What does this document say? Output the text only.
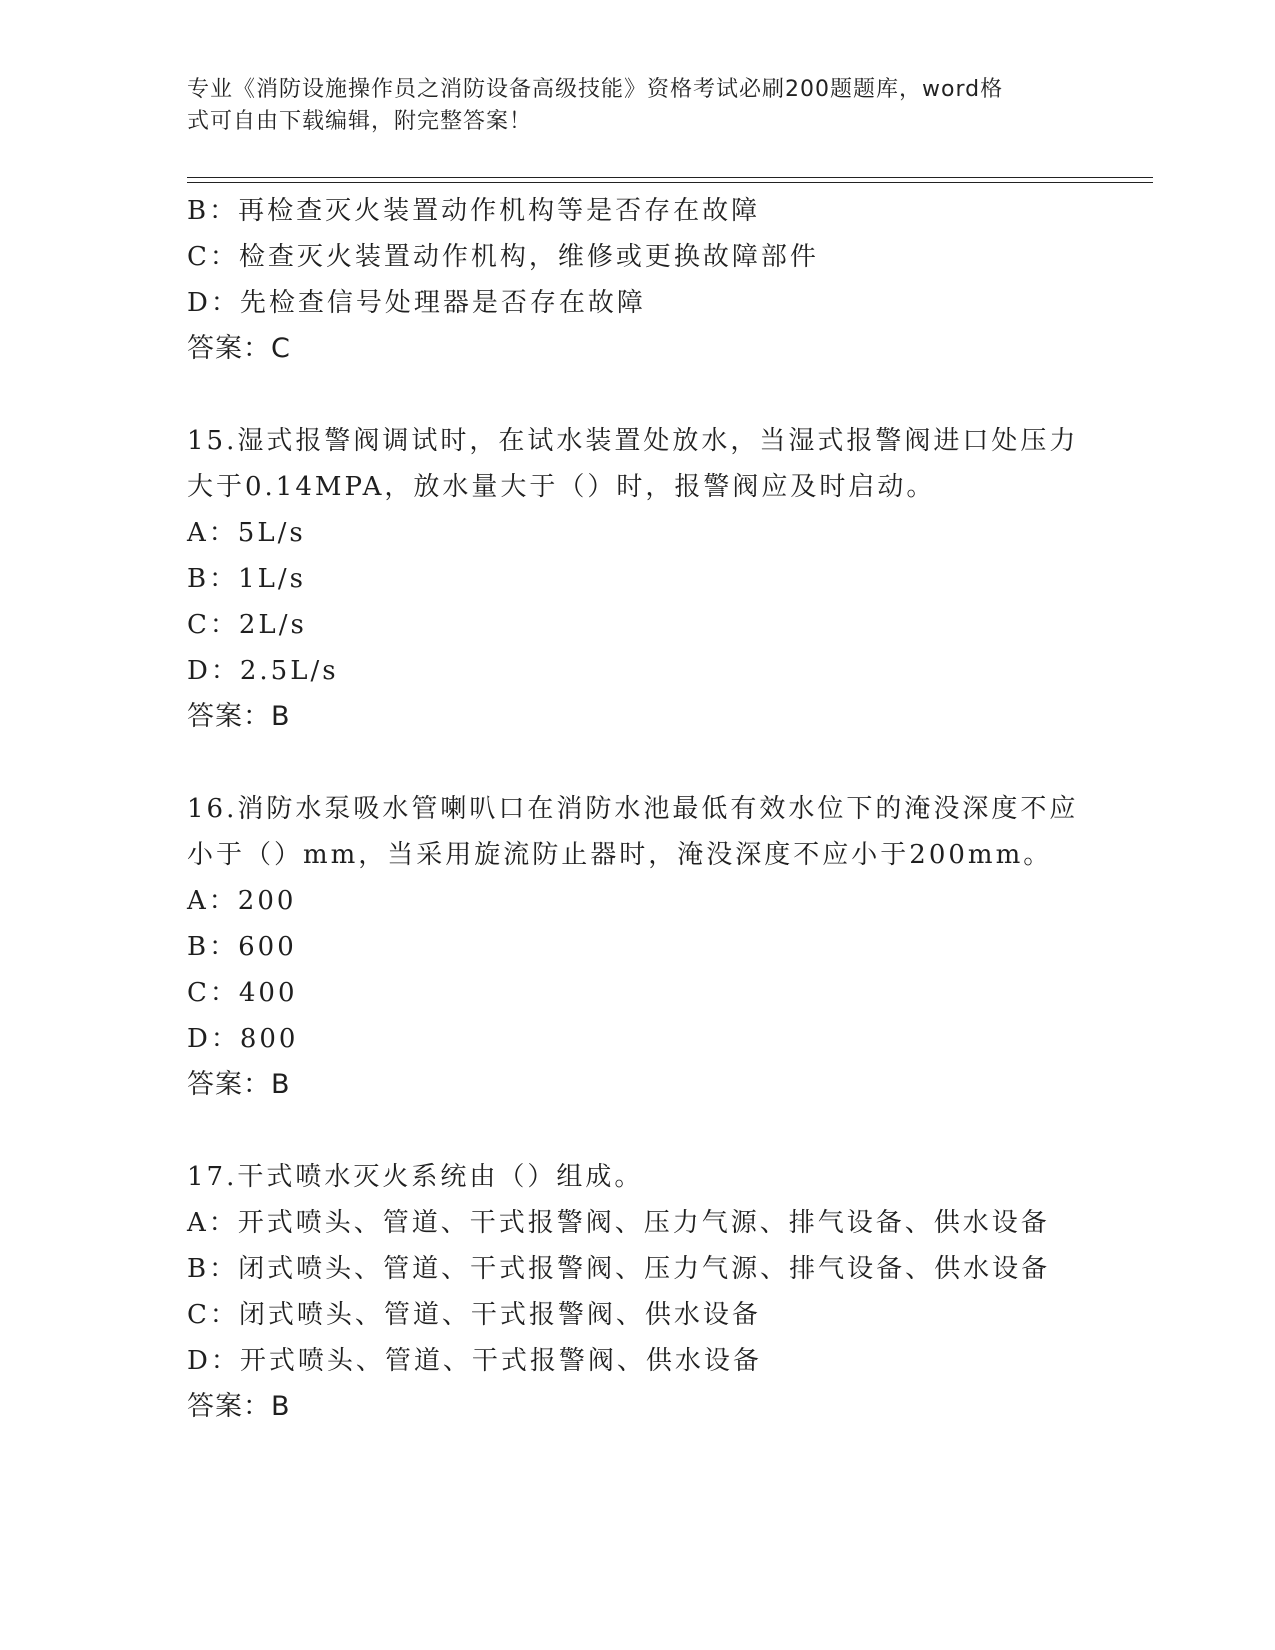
专业《消防设施操作员之消防设备高级技能》资格考试必刷200题题库，word格
式可自由下载编辑，附完整答案！
B：再检查灭火装置动作机构等是否存在故障
C：检查灭火装置动作机构，维修或更换故障部件
D：先检查信号处理器是否存在故障
答案：C
15.湿式报警阀调试时，在试水装置处放水，当湿式报警阀进口处压力
大于0.14MPA，放水量大于（）时，报警阀应及时启动。
A：5L/s
B：1L/s
C：2L/s
D：2.5L/s
答案：B
16.消防水泵吸水管喇叭口在消防水池最低有效水位下的淹没深度不应
小于（）mm，当采用旋流防止器时，淹没深度不应小于200mm。
A：200
B：600
C：400
D：800
答案：B
17.干式喷水灭火系统由（）组成。
A：开式喷头、管道、干式报警阀、压力气源、排气设备、供水设备
B：闭式喷头、管道、干式报警阀、压力气源、排气设备、供水设备
C：闭式喷头、管道、干式报警阀、供水设备
D：开式喷头、管道、干式报警阀、供水设备
答案：B
